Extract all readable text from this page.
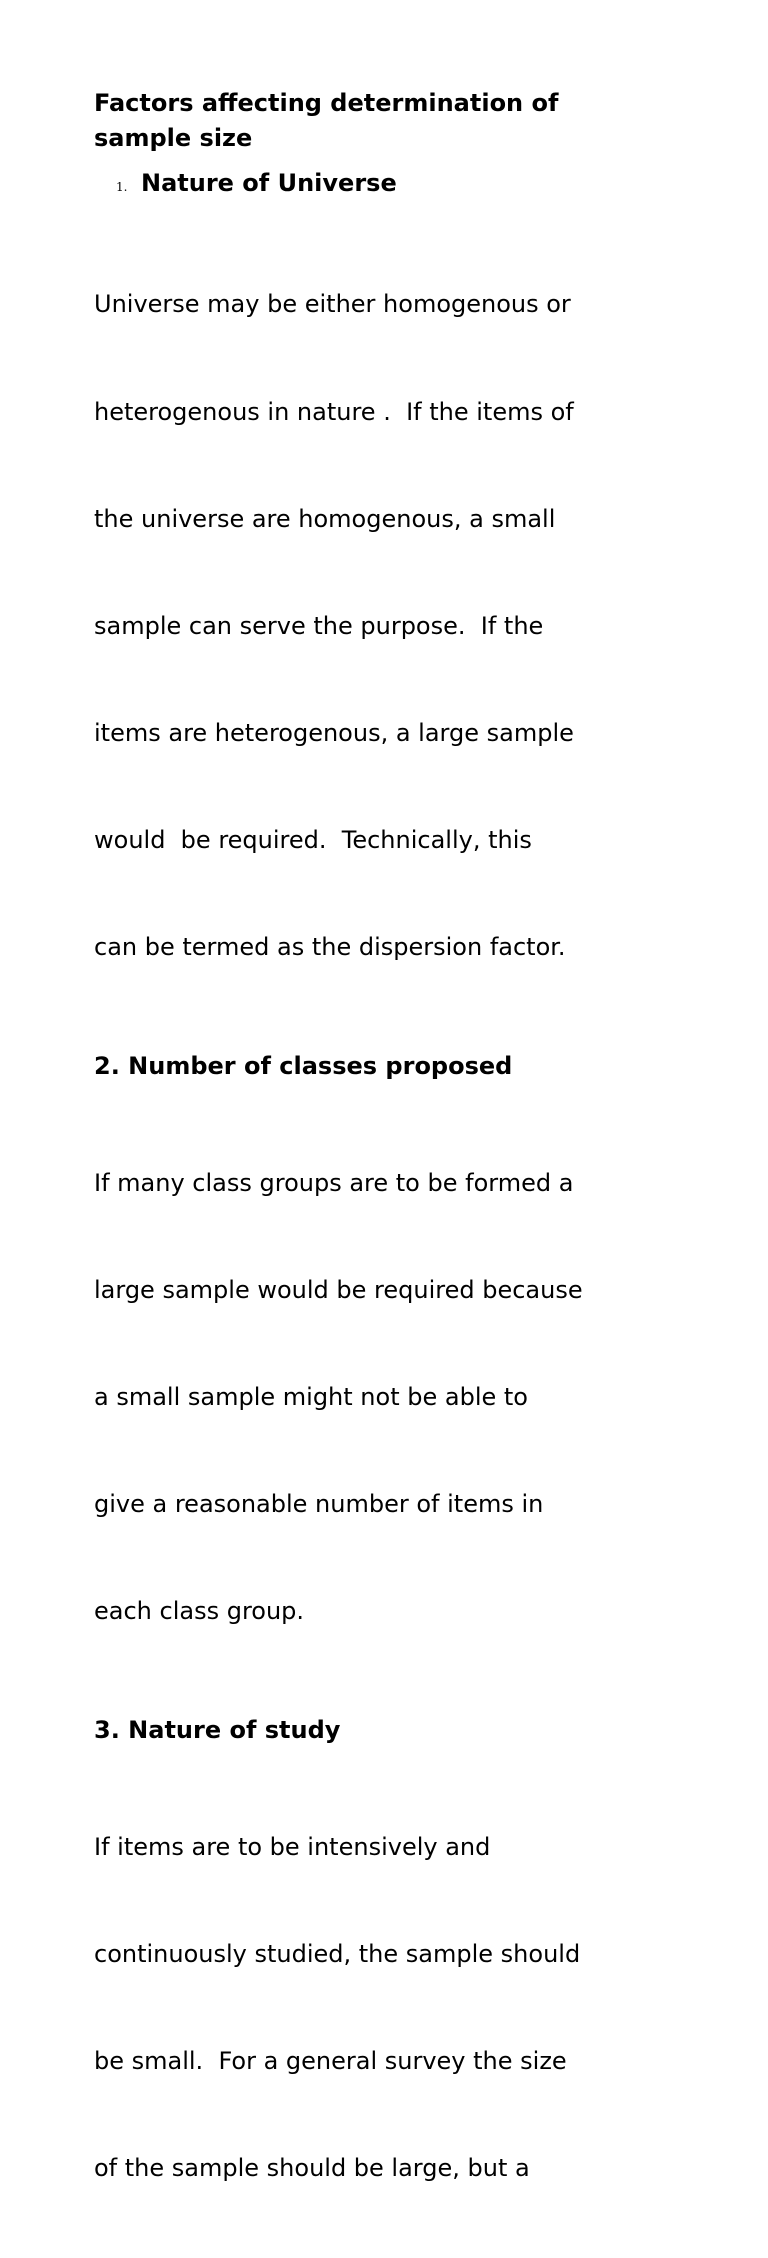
Factors affecting determination of
sample size
1. Nature of Universe

Universe may be either homogenous or

heterogenous in nature .  If the items of

the universe are homogenous, a small

sample can serve the purpose.  If the

items are heterogenous, a large sample

would  be required.  Technically, this

can be termed as the dispersion factor.

2. Number of classes proposed

If many class groups are to be formed a

large sample would be required because

a small sample might not be able to

give a reasonable number of items in

each class group.

3. Nature of study

If items are to be intensively and

continuously studied, the sample should

be small.  For a general survey the size

of the sample should be large, but a
